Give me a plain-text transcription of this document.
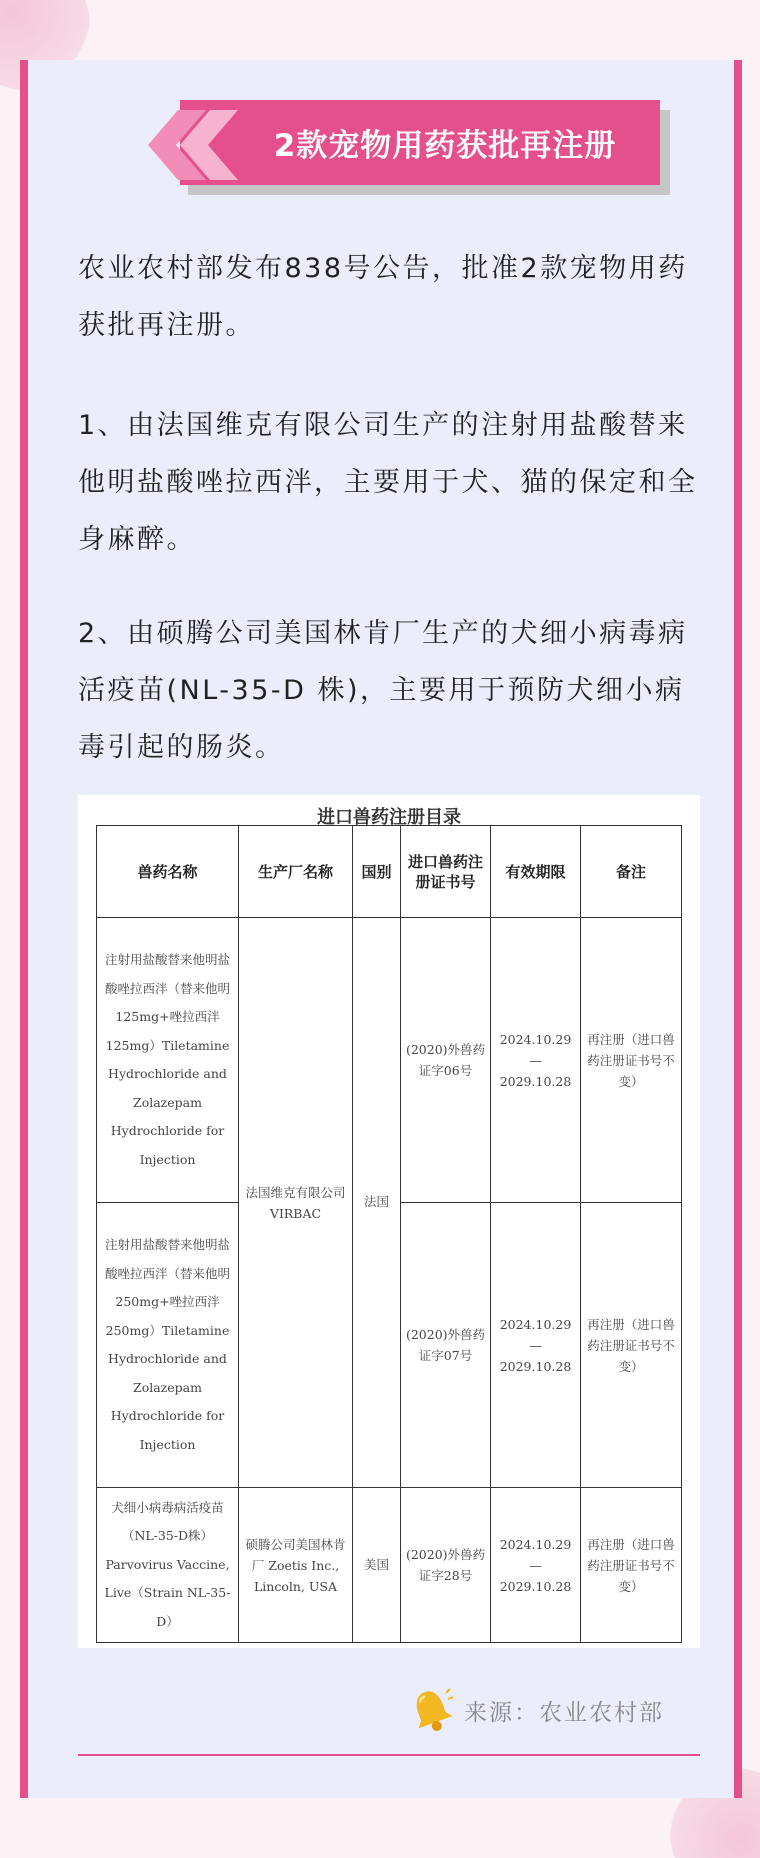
2款宠物用药获批再注册

农业农村部发布838号公告，批准2款宠物用药获批再注册。

1、由法国维克有限公司生产的注射用盐酸替来他明盐酸唑拉西泮，主要用于犬、猫的保定和全身麻醉。

2、由硕腾公司美国林肯厂生产的犬细小病毒病活疫苗(NL-35-D 株)，主要用于预防犬细小病毒引起的肠炎。

进口兽药注册目录
兽药名称	生产厂名称	国别	进口兽药注册证书号	有效期限	备注
注射用盐酸替来他明盐酸唑拉西泮（替来他明125mg+唑拉西泮125mg）Tiletamine Hydrochloride and Zolazepam Hydrochloride for Injection	法国维克有限公司 VIRBAC	法国	(2020)外兽药证字06号	2024.10.29 — 2029.10.28	再注册（进口兽药注册证书号不变）
注射用盐酸替来他明盐酸唑拉西泮（替来他明250mg+唑拉西泮250mg）Tiletamine Hydrochloride and Zolazepam Hydrochloride for Injection			(2020)外兽药证字07号	2024.10.29 — 2029.10.28	再注册（进口兽药注册证书号不变）
犬细小病毒病活疫苗（NL-35-D株）Parvovirus Vaccine, Live（Strain NL-35-D）	硕腾公司美国林肯厂 Zoetis Inc., Lincoln, USA	美国	(2020)外兽药证字28号	2024.10.29 — 2029.10.28	再注册（进口兽药注册证书号不变）
来源：农业农村部
